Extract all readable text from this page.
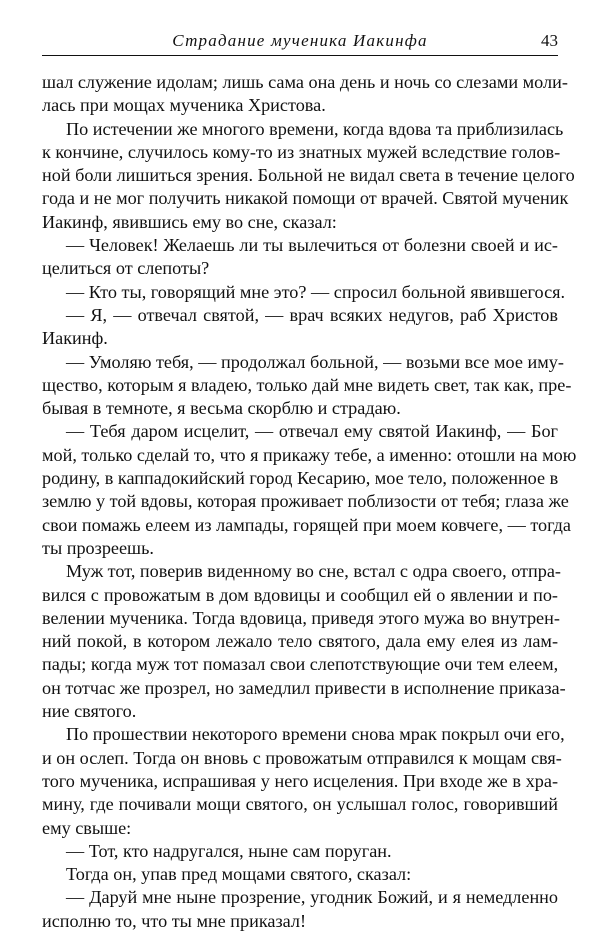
Страдание мученика Иакинфа	43
шал служение идолам; лишь сама она день и ночь со слезами моли-
лась при мощах мученика Христова.
По истечении же многого времени, когда вдова та приблизилась
к кончине, случилось кому-то из знатных мужей вследствие голов-
ной боли лишиться зрения. Больной не видал света в течение целого
года и не мог получить никакой помощи от врачей. Святой мученик
Иакинф, явившись ему во сне, сказал:
— Человек! Желаешь ли ты вылечиться от болезни своей и ис-
целиться от слепоты?
— Кто ты, говорящий мне это? — спросил больной явившегося.
— Я, — отвечал святой, — врач всяких недугов, раб Христов
Иакинф.
— Умоляю тебя, — продолжал больной, — возьми все мое иму-
щество, которым я владею, только дай мне видеть свет, так как, пре-
бывая в темноте, я весьма скорблю и страдаю.
— Тебя даром исцелит, — отвечал ему святой Иакинф, — Бог
мой, только сделай то, что я прикажу тебе, а именно: отошли на мою
родину, в каппадокийский город Кесарию, мое тело, положенное в
землю у той вдовы, которая проживает поблизости от тебя; глаза же
свои помажь елеем из лампады, горящей при моем ковчеге, — тогда
ты прозреешь.
Муж тот, поверив виденному во сне, встал с одра своего, отпра-
вился с провожатым в дом вдовицы и сообщил ей о явлении и по-
велении мученика. Тогда вдовица, приведя этого мужа во внутрен-
ний покой, в котором лежало тело святого, дала ему елея из лам-
пады; когда муж тот помазал свои слепотствующие очи тем елеем,
он тотчас же прозрел, но замедлил привести в исполнение приказа-
ние святого.
По прошествии некоторого времени снова мрак покрыл очи его,
и он ослеп. Тогда он вновь с провожатым отправился к мощам свя-
того мученика, испрашивая у него исцеления. При входе же в хра-
мину, где почивали мощи святого, он услышал голос, говоривший
ему свыше:
— Тот, кто надругался, ныне сам поруган.
Тогда он, упав пред мощами святого, сказал:
— Даруй мне ныне прозрение, угодник Божий, и я немедленно
исполню то, что ты мне приказал!
